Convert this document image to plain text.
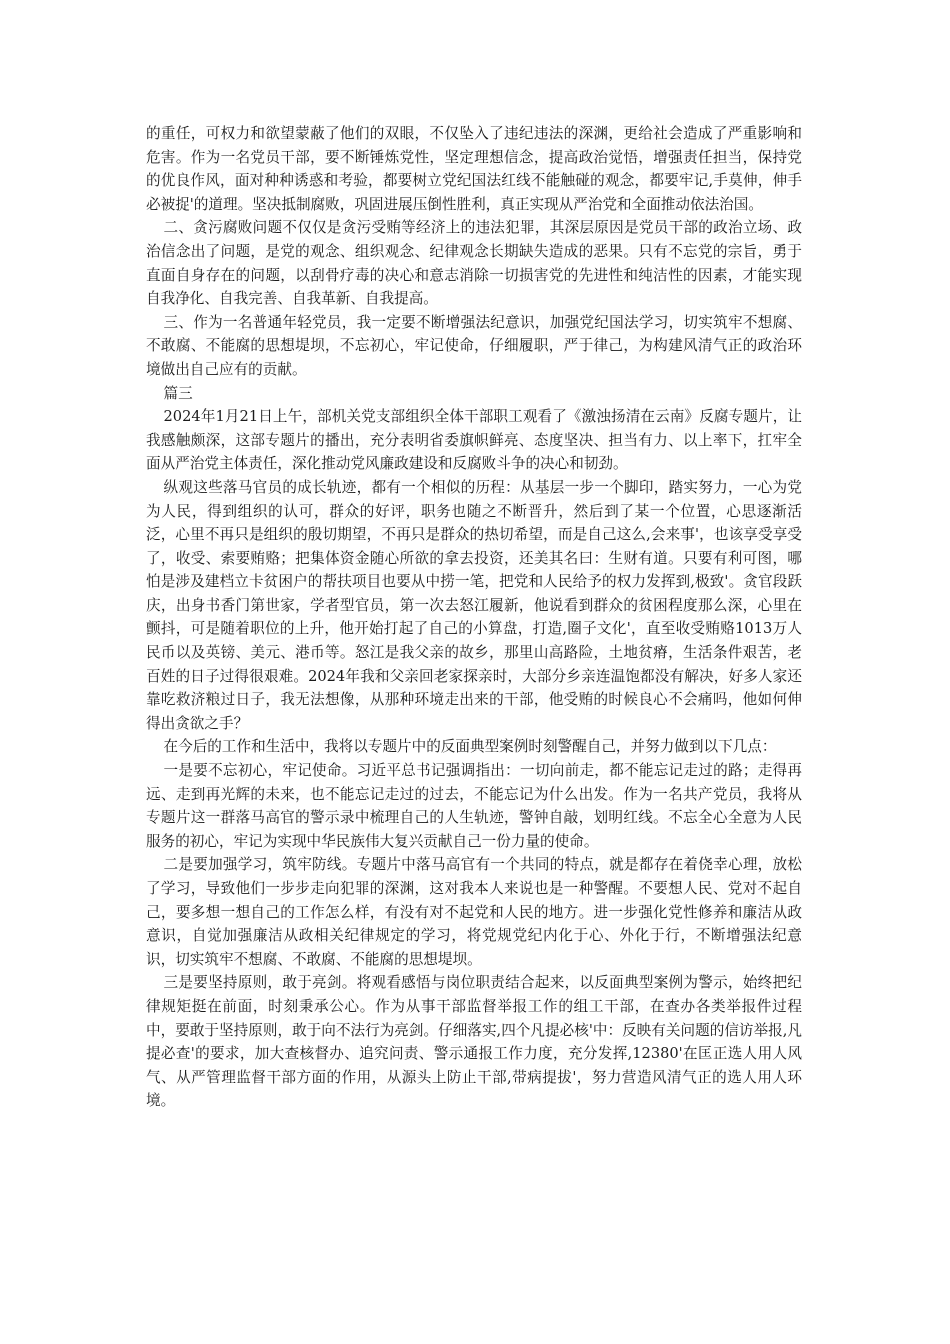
的重任，可权力和欲望蒙蔽了他们的双眼，不仅坠入了违纪违法的深渊，更给社会造成了严重影响和危害。作为一名党员干部，要不断锤炼党性，坚定理想信念，提高政治觉悟，增强责任担当，保持党的优良作风，面对种种诱惑和考验，都要树立党纪国法红线不能触碰的观念，都要牢记,手莫伸，伸手必被捉'的道理。坚决抵制腐败，巩固进展压倒性胜利，真正实现从严治党和全面推动依法治国。

二、贪污腐败问题不仅仅是贪污受贿等经济上的违法犯罪，其深层原因是党员干部的政治立场、政治信念出了问题，是党的观念、组织观念、纪律观念长期缺失造成的恶果。只有不忘党的宗旨，勇于直面自身存在的问题，以刮骨疗毒的决心和意志消除一切损害党的先进性和纯洁性的因素，才能实现自我净化、自我完善、自我革新、自我提高。

三、作为一名普通年轻党员，我一定要不断增强法纪意识，加强党纪国法学习，切实筑牢不想腐、不敢腐、不能腐的思想堤坝，不忘初心，牢记使命，仔细履职，严于律己，为构建风清气正的政治环境做出自己应有的贡献。

篇三

2024年1月21日上午，部机关党支部组织全体干部职工观看了《激浊扬清在云南》反腐专题片，让我感触颇深，这部专题片的播出，充分表明省委旗帜鲜亮、态度坚决、担当有力、以上率下，扛牢全面从严治党主体责任，深化推动党风廉政建设和反腐败斗争的决心和韧劲。

纵观这些落马官员的成长轨迹，都有一个相似的历程：从基层一步一个脚印，踏实努力，一心为党为人民，得到组织的认可，群众的好评，职务也随之不断晋升，然后到了某一个位置，心思逐渐活泛，心里不再只是组织的殷切期望，不再只是群众的热切希望，而是自己这么,会来事'，也该享受享受了，收受、索要贿赂；把集体资金随心所欲的拿去投资，还美其名曰：生财有道。只要有利可图，哪怕是涉及建档立卡贫困户的帮扶项目也要从中捞一笔，把党和人民给予的权力发挥到,极致'。贪官段跃庆，出身书香门第世家，学者型官员，第一次去怒江履新，他说看到群众的贫困程度那么深，心里在颤抖，可是随着职位的上升，他开始打起了自己的小算盘，打造,圈子文化'，直至收受贿赂1013万人民币以及英镑、美元、港币等。怒江是我父亲的故乡，那里山高路险，土地贫瘠，生活条件艰苦，老百姓的日子过得很艰难。2024年我和父亲回老家探亲时，大部分乡亲连温饱都没有解决，好多人家还靠吃救济粮过日子，我无法想像，从那种环境走出来的干部，他受贿的时候良心不会痛吗，他如何伸得出贪欲之手？

在今后的工作和生活中，我将以专题片中的反面典型案例时刻警醒自己，并努力做到以下几点：

一是要不忘初心，牢记使命。习近平总书记强调指出：一切向前走，都不能忘记走过的路；走得再远、走到再光辉的未来，也不能忘记走过的过去，不能忘记为什么出发。作为一名共产党员，我将从专题片这一群落马高官的警示录中梳理自己的人生轨迹，警钟自敲，划明红线。不忘全心全意为人民服务的初心，牢记为实现中华民族伟大复兴贡献自己一份力量的使命。

二是要加强学习，筑牢防线。专题片中落马高官有一个共同的特点，就是都存在着侥幸心理，放松了学习，导致他们一步步走向犯罪的深渊，这对我本人来说也是一种警醒。不要想人民、党对不起自己，要多想一想自己的工作怎么样，有没有对不起党和人民的地方。进一步强化党性修养和廉洁从政意识，自觉加强廉洁从政相关纪律规定的学习，将党规党纪内化于心、外化于行，不断增强法纪意识，切实筑牢不想腐、不敢腐、不能腐的思想堤坝。

三是要坚持原则，敢于亮剑。将观看感悟与岗位职责结合起来，以反面典型案例为警示，始终把纪律规矩挺在前面，时刻秉承公心。作为从事干部监督举报工作的组工干部，在查办各类举报件过程中，要敢于坚持原则，敢于向不法行为亮剑。仔细落实,四个凡提必核'中：反映有关问题的信访举报,凡提必查'的要求，加大查核督办、追究问责、警示通报工作力度，充分发挥,12380'在匡正选人用人风气、从严管理监督干部方面的作用，从源头上防止干部,带病提拔'，努力营造风清气正的选人用人环境。
